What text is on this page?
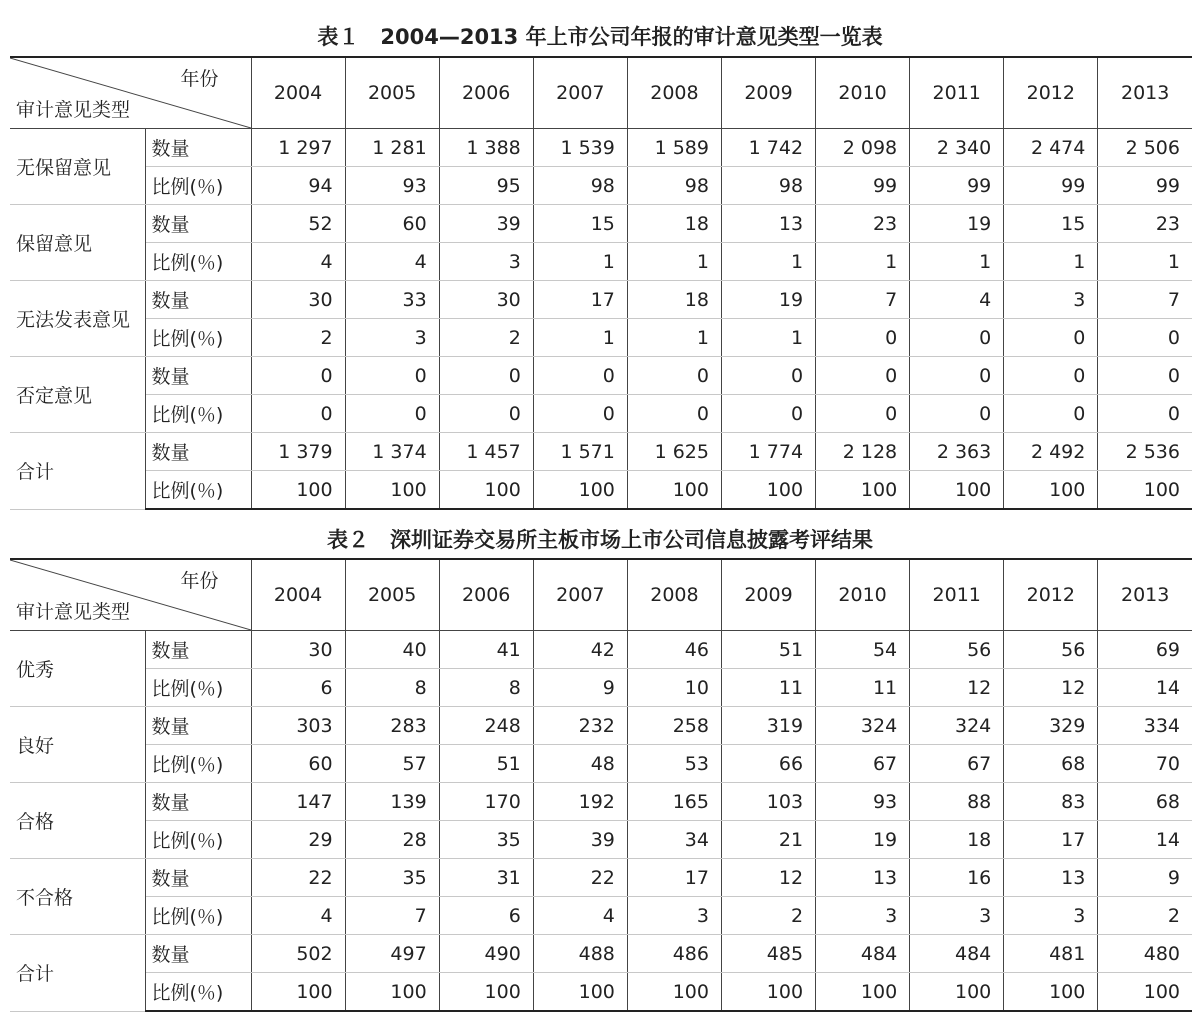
表１　2004—2013 年上市公司年报的审计意见类型一览表
年份
审计意见类型		2004	2005	2006	2007	2008	2009	2010	2011	2012	2013
无保留意见	数量	1 297	1 281	1 388	1 539	1 589	1 742	2 098	2 340	2 474	2 506
	比例(％)	94	93	95	98	98	98	99	99	99	99
保留意见	数量	52	60	39	15	18	13	23	19	15	23
	比例(％)	4	4	3	1	1	1	1	1	1	1
无法发表意见	数量	30	33	30	17	18	19	7	4	3	7
	比例(％)	2	3	2	1	1	1	0	0	0	0
否定意见	数量	0	0	0	0	0	0	0	0	0	0
	比例(％)	0	0	0	0	0	0	0	0	0	0
合计	数量	1 379	1 374	1 457	1 571	1 625	1 774	2 128	2 363	2 492	2 536
	比例(％)	100	100	100	100	100	100	100	100	100	100
表２　深圳证券交易所主板市场上市公司信息披露考评结果
年份
审计意见类型		2004	2005	2006	2007	2008	2009	2010	2011	2012	2013
优秀	数量	30	40	41	42	46	51	54	56	56	69
	比例(％)	6	8	8	9	10	11	11	12	12	14
良好	数量	303	283	248	232	258	319	324	324	329	334
	比例(％)	60	57	51	48	53	66	67	67	68	70
合格	数量	147	139	170	192	165	103	93	88	83	68
	比例(％)	29	28	35	39	34	21	19	18	17	14
不合格	数量	22	35	31	22	17	12	13	16	13	9
	比例(％)	4	7	6	4	3	2	3	3	3	2
合计	数量	502	497	490	488	486	485	484	484	481	480
	比例(％)	100	100	100	100	100	100	100	100	100	100
